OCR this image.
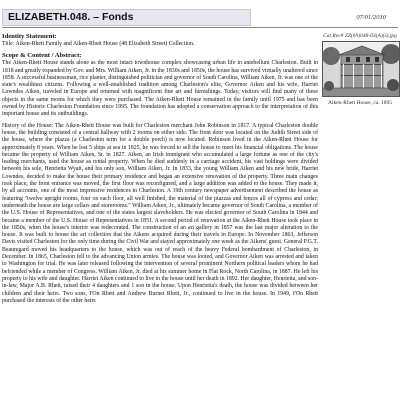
ELIZABETH.048. – Fonds	07/01/2010
Cat Rec# ZZ(69)048-03(A)(s).jpg
Aiken-Rhett House, ca. 1895

Identity Statement:

Title: Aiken-Rhett Family and Aiken-Rhett House (48 Elizabeth Street) Collection.

Scope & Content / Abstract:

The Aiken-Rhett House stands alone as the most intact townhouse complex showcasing urban life in antebellum Charleston. Built in 1818 and greatly expanded by Gov. and Mrs. William Aiken, Jr. in the 1830s and 1850s, the house has survived virtually unaltered since 1858. A successful businessman, rice planter, distinguished politician and governor of South Carolina, William Aiken, Jr. was one of the state's wealthiest citizens. Following a well-established tradition among Charleston's elite, Governor Aiken and his wife, Harriet Lowndes Aiken, traveled in Europe and returned with magnificent fine art and furnishings. Today, visitors will find many of these objects in the same rooms for which they were purchased. The Aiken-Rhett House remained in the family until 1975 and has been owned by Historic Charleston Foundation since 1995. The foundation has adopted a conservation approach to the interpretation of this important house and its outbuildings.

History of the House: The Aiken-Rhett House was built for Charleston merchant John Robinson in 1817. A typical Charleston double house, the building consisted of a central hallway with 2 rooms on either side. The front door was located on the Judith Street side of the house, where the piazza (a Charleston term for a double porch) is now located. Robinson lived in the Aiken-Rhett House for approximately 8 years. When he lost 5 ships at sea in 1825, he was forced to sell the house to meet his financial obligations. The house became the property of William Aiken, Sr. in 1827. Aiken, an Irish immigrant who accumulated a large fortune as one of the city's leading merchants, used the house as rental property. When he died suddenly in a carriage accident, his vast holdings were divided between his sole, Henrietta Wyatt, and his only son, William Aiken, Jr. In 1833, the young William Aiken and his new bride, Harriet Lowndes, decided to make the house their primary residence and began an extensive renovation of the property. Three main changes took place; the front entrance was moved, the first floor was reconfigured, and a large addition was added to the house. They made it, by all accounts, one of the most impressive residences in Charleston. A 19th century newspaper advertisement described the house as featuring "twelve upright rooms, four on each floor, all well finished, the material of the piazzas and fences all of cypress and cedar; underneath the house are large cellars and storerooms." William Aiken, Jr., ultimately became governor of South Carolina, a member of the U.S. House of Representatives, and one of the states largest slaveholders. He was elected governor of South Carolina in 1844 and became a member of the U.S. House of Representatives in 1851. A second period of renovation at the Aiken-Rhett House took place in the 1850s, when the house's interior was redecorated. The construction of an art gallery in 1857 was the last major alteration to the house. It was built to house the art collection that the Aikens acquired during their travels in Europe. In November 1863, Jefferson Davis visited Charleston for the only time during the Civil War and stayed approximately one week as the Aikens' guest. General P.G.T. Beauregard moved his headquarters to the house, which was out of reach of the heavy Federal bombardment of Charleston, in December. In 1865, Charleston fell to the advancing Union armies. The house was looted, and Governor Aiken was arrested and taken to Washington for trial. He was later released following the intervention of several prominent Northern political leaders whom he had befriended while a member of Congress. William Aiken, Jr. died at his summer home in Flat Rock, North Carolina, in 1887. He left his property to his wife and daughter. Harriet Aiken continued to live in the house until her death in 1892. Her daughter, Henrietta, and son-in-law, Major A.B. Rhett, raised their 4 daughters and 1 son in the house. Upon Henrietta's death, the house was divided between her children and their heirs. Two sons, I'On Rhett and Andrew Burnet Rhett, Jr., continued to live in the house. In 1949, I'On Rhett purchased the interests of the other heirs
